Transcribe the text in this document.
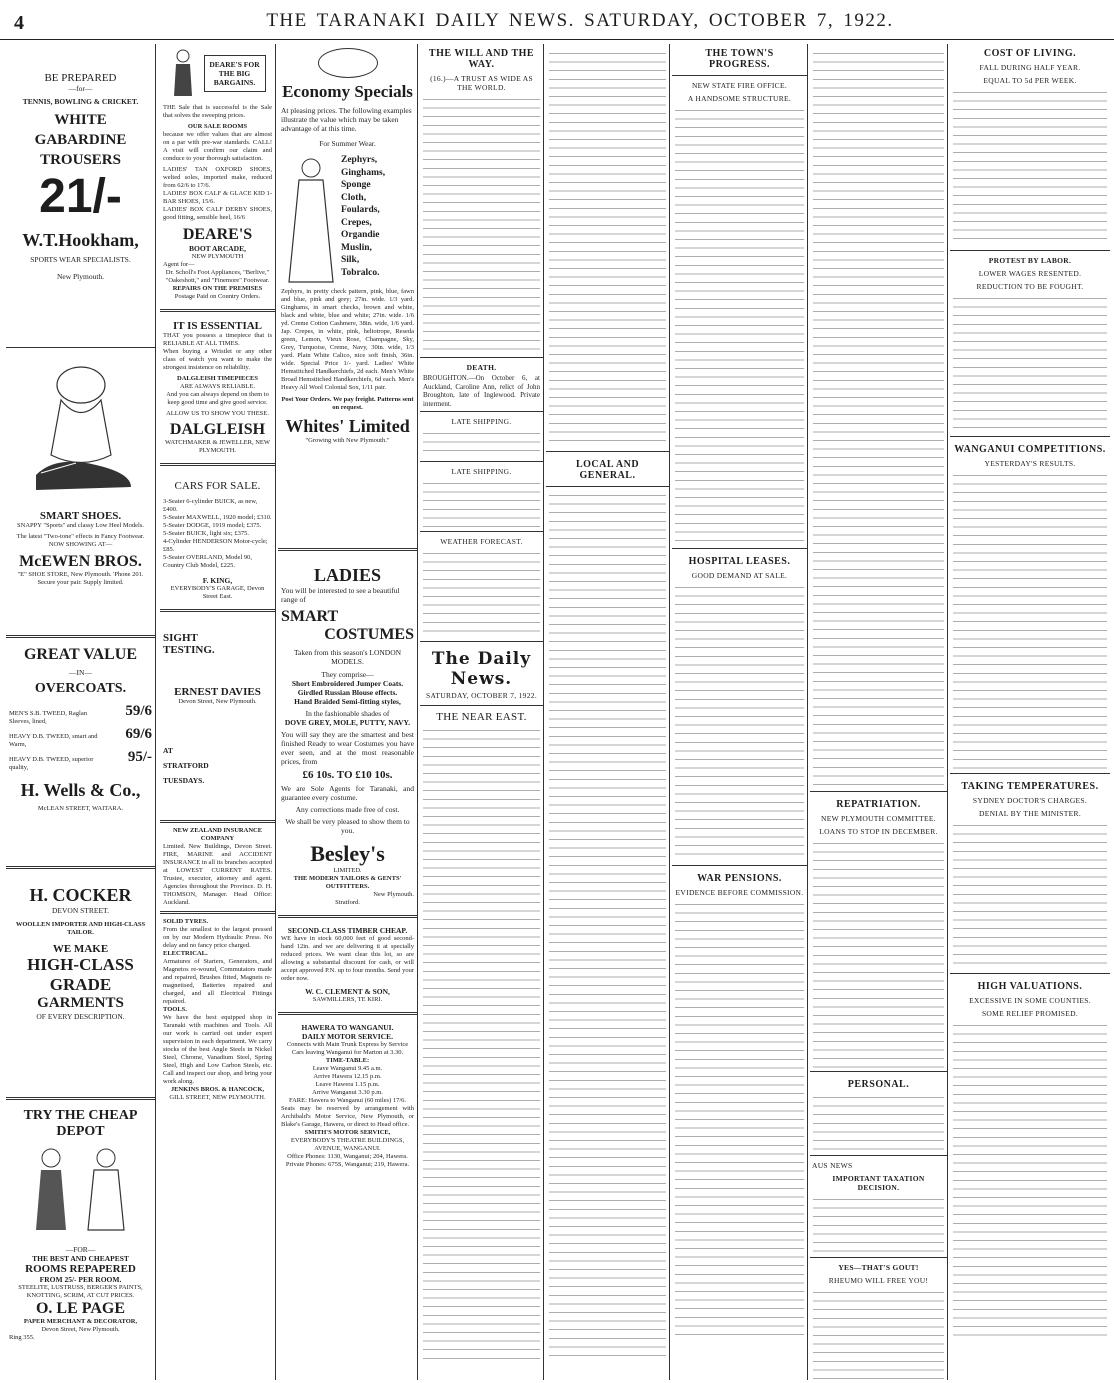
4	THE TARANAKI DAILY NEWS. SATURDAY, OCTOBER 7, 1922.
BE PREPARED
—for—
TENNIS, BOWLING & CRICKET.
WHITE GABARDINE TROUSERS
21/-
W.T.Hookham,
SPORTS WEAR SPECIALISTS.
New Plymouth.
SMART SHOES.
SNAPPY "Sports" and classy Low Heel Models.
The latest "Two-tone" effects in Fancy Footwear. NOW SHOWING AT—
McEWEN BROS.
"E" SHOE STORE, New Plymouth. 'Phone 201. Secure your pair. Supply limited.
GREAT VALUE
—IN—
OVERCOATS.
MEN'S S.B. TWEED, Raglan Sleeves, lined,
59/6
HEAVY D.B. TWEED, smart and Warm,
69/6
HEAVY D.B. TWEED, superior quality,
95/-
H. Wells & Co.,
McLEAN STREET, WAITARA.
H. COCKER
DEVON STREET.
WOOLLEN IMPORTER AND HIGH-CLASS TAILOR.
WE MAKE
HIGH-CLASS
GRADE
GARMENTS
OF EVERY DESCRIPTION.
TRY THE CHEAP DEPOT
—FOR—
THE BEST AND CHEAPEST
ROOMS REPAPERED
FROM 25/- PER ROOM.
STEELITE, LUSTRUSS, BERGER'S PAINTS, KNOTTING, SCRIM, AT CUT PRICES.
O. LE PAGE
PAPER MERCHANT & DECORATOR,
Devon Street, New Plymouth.
Ring 355.
DEARE'S FOR THE BIG BARGAINS.
THE Sale that is successful is the Sale that solves the sweeping prices.
OUR SALE ROOMS
because we offer values that are almost on a par with pre-war standards. CALL! A visit will confirm our claim and conduce to your thorough satisfaction.
LADIES' TAN OXFORD SHOES, welted soles, imported make, reduced from 62/6 to 17/6.
LADIES' BOX CALF & GLACE KID 1-BAR SHOES, 15/6.
LADIES' BOX CALF DERBY SHOES, good fitting, sensible heel, 16/6
DEARE'S
BOOT ARCADE,
NEW PLYMOUTH
Agent for—
Dr. Scholl's Foot Appliances, "Berlive," "Oakeshott," and "Finemore" Footwear.
REPAIRS ON THE PREMISES
Postage Paid on Country Orders.
IT IS ESSENTIAL
THAT you possess a timepiece that is RELIABLE AT ALL TIMES.
When buying a Wristlet or any other class of watch you want to make the strongest insistence on reliability.
DALGLEISH TIMEPIECES
ARE ALWAYS RELIABLE.
And you can always depend on them to keep good time and give good service.
ALLOW US TO SHOW YOU THESE.
DALGLEISH
WATCHMAKER & JEWELLER, NEW PLYMOUTH.
CARS FOR SALE.
3-Seater 6-cylinder BUICK, as new, £400.
5-Seater MAXWELL, 1920 model; £310.
5-Seater DODGE, 1919 model; £375.
5-Seater BUICK, light six; £375.
4-Cylinder HENDERSON Motor-cycle; £85.
5-Seater OVERLAND, Model 90, Country Club Model, £225.
F. KING,
EVERYBODY'S GARAGE, Devon Street East.
SIGHT
TESTING.
ERNEST DAVIES
Devon Street, New Plymouth.
AT
STRATFORD
TUESDAYS.
NEW ZEALAND INSURANCE COMPANY
Limited. New Buildings, Devon Street. FIRE, MARINE and ACCIDENT INSURANCE in all its branches accepted at LOWEST CURRENT RATES. Trustee, executor, attorney and agent. Agencies throughout the Province. D. H. THOMSON, Manager. Head Office: Auckland.
SOLID TYRES.
From the smallest to the largest pressed on by our Modern Hydraulic Press. No delay and no fancy price charged.
ELECTRICAL.
Armatures of Starters, Generators, and Magnetos re-wound, Commutators made and repaired, Brushes fitted, Magnets re-magnetised, Batteries repaired and charged, and all Electrical Fittings repaired.
TOOLS.
We have the best equipped shop in Taranaki with machines and Tools. All our work is carried out under expert supervision in each department. We carry stocks of the best Angle Steels in Nickel Steel, Chrome, Vanadium Steel, Spring Steel, High and Low Carbon Steels, etc. Call and inspect our shop, and bring your work along.
JENKINS BROS. & HANCOCK,
GILL STREET, NEW PLYMOUTH.
Economy Specials
At pleasing prices. The following examples illustrate the value which may be taken advantage of at this time.
For Summer Wear.
Zephyrs,
Ginghams,
Sponge
Cloth,
Foulards,
Crepes,
Organdie
Muslin,
Silk,
Tobralco.
Zephyrs, in pretty check pattern, pink, blue, fawn and blue, pink and grey; 27in. wide. 1/3 yard. Ginghams, in smart checks, brown and white, black and white, blue and white; 27in. wide. 1/6 yd. Creme Cotton Cashmere, 38in. wide, 1/6 yard. Jap. Crepes, in white, pink, heliotrope, Reseda green, Lemon, Vieux Rose, Champagne, Sky, Grey, Turquoise, Creme, Navy, 30in. wide, 1/3 yard. Plain White Calico, nice soft finish, 36in. wide. Special Price 1/- yard. Ladies' White Hemstitched Handkerchiefs, 2d each. Men's White Broad Hemstitched Handkerchiefs, 6d each. Men's Heavy All Wool Colonial Sox, 1/11 pair.
Post Your Orders. We pay freight. Patterns sent on request.
Whites' Limited
"Growing with New Plymouth."
LADIES
You will be interested to see a beautiful range of
SMART
COSTUMES
Taken from this season's LONDON MODELS.
They comprise—
Short Embroidered Jumper Coats.
Girdled Russian Blouse effects.
Hand Braided Semi-fitting styles,
In the fashionable shades of
DOVE GREY, MOLE, PUTTY, NAVY.
You will say they are the smartest and best finished Ready to wear Costumes you have ever seen, and at the most reasonable prices, from
£6 10s. TO £10 10s.
We are Sole Agents for Taranaki, and guarantee every costume.
Any corrections made free of cost.
We shall be very pleased to show them to you.
Besley's
LIMITED.
THE MODERN TAILORS & GENTS' OUTFITTERS.
New Plymouth.
Stratford.
SECOND-CLASS TIMBER CHEAP.
WE have in stock 60,000 feet of good second-hand 12in. and we are delivering it at specially reduced prices. We want clear this lot, so are allowing a substantial discount for cash, or will accept approved P.N. up to four months. Send your order now.
W. C. CLEMENT & SON,
SAWMILLERS, TE KIRI.
HAWERA TO WANGANUI.
DAILY MOTOR SERVICE.
Connects with Main Trunk Express by Service Cars leaving Wanganui for Marton at 3.30.
TIME-TABLE:
Leave Wanganui 9.45 a.m.
Arrive Hawera 12.15 p.m.
Leave Hawera 1.15 p.m.
Arrive Wanganui 3.30 p.m.
FARE: Hawera to Wanganui (60 miles) 17/6.
Seats may be reserved by arrangement with Archibald's Motor Service, New Plymouth, or Blake's Garage, Hawera, or direct to Head office.
SMITH'S MOTOR SERVICE,
EVERYBODY'S THEATRE BUILDINGS, AVENUE, WANGANUI.
Office Phones: 1130, Wanganui; 204, Hawera.
Private Phones: 675S, Wanganui; 219, Hawera.
THE WILL AND THE WAY.
(16.)—A TRUST AS WIDE AS THE WORLD.
DEATH.
BROUGHTON.—On October 6, at Auckland, Caroline Ann, relict of John Broughton, late of Inglewood. Private interment.
LATE SHIPPING.
LATE SHIPPING.
WEATHER FORECAST.
The Daily News.
SATURDAY, OCTOBER 7, 1922.
THE NEAR EAST.
LOCAL AND GENERAL.
THE TOWN'S PROGRESS.
NEW STATE FIRE OFFICE.
A HANDSOME STRUCTURE.
HOSPITAL LEASES.
GOOD DEMAND AT SALE.
WAR PENSIONS.
EVIDENCE BEFORE COMMISSION.
REPATRIATION.
NEW PLYMOUTH COMMITTEE.
LOANS TO STOP IN DECEMBER.
PERSONAL.
AUS NEWS
IMPORTANT TAXATION DECISION.
YES—THAT'S GOUT!
RHEUMO WILL FREE YOU!
COST OF LIVING.
FALL DURING HALF YEAR.
EQUAL TO 5d PER WEEK.
PROTEST BY LABOR.
LOWER WAGES RESENTED.
REDUCTION TO BE FOUGHT.
WANGANUI COMPETITIONS.
YESTERDAY'S RESULTS.
TAKING TEMPERATURES.
SYDNEY DOCTOR'S CHARGES.
DENIAL BY THE MINISTER.
HIGH VALUATIONS.
EXCESSIVE IN SOME COUNTIES.
SOME RELIEF PROMISED.
